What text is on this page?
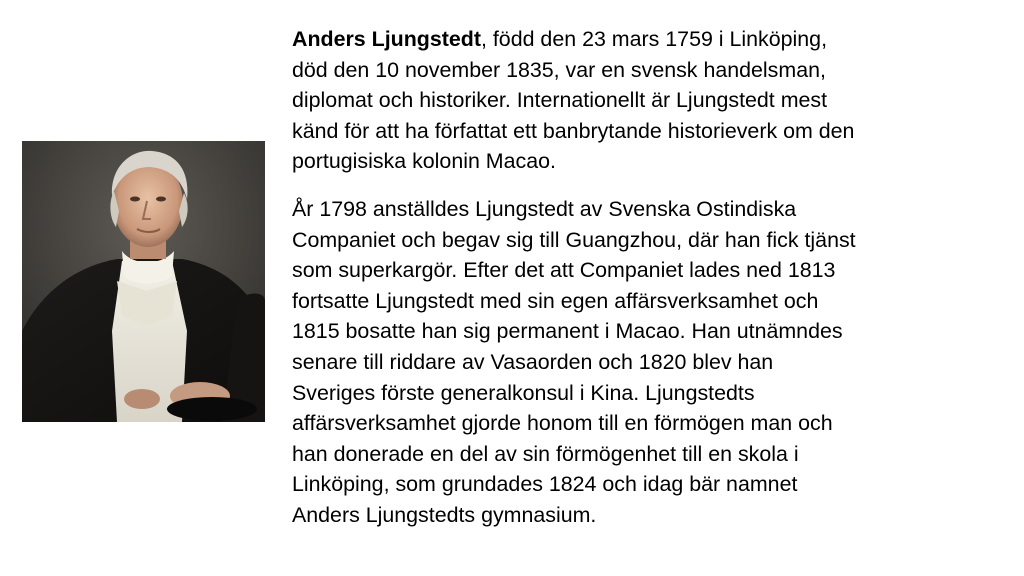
Anders Ljungstedt, född den 23 mars 1759 i Linköping,
död den 10 november 1835, var en svensk handelsman,
diplomat och historiker. Internationellt är Ljungstedt mest
känd för att ha författat ett banbrytande historieverk om den
portugisiska kolonin Macao.

År 1798 anställdes Ljungstedt av Svenska Ostindiska
Companiet och begav sig till Guangzhou, där han fick tjänst
som superkargör. Efter det att Companiet lades ned 1813
fortsatte Ljungstedt med sin egen affärsverksamhet och
1815 bosatte han sig permanent i Macao. Han utnämndes
senare till riddare av Vasaorden och 1820 blev han
Sveriges förste generalkonsul i Kina. Ljungstedts
affärsverksamhet gjorde honom till en förmögen man och
han donerade en del av sin förmögenhet till en skola i
Linköping, som grundades 1824 och idag bär namnet
Anders Ljungstedts gymnasium.
